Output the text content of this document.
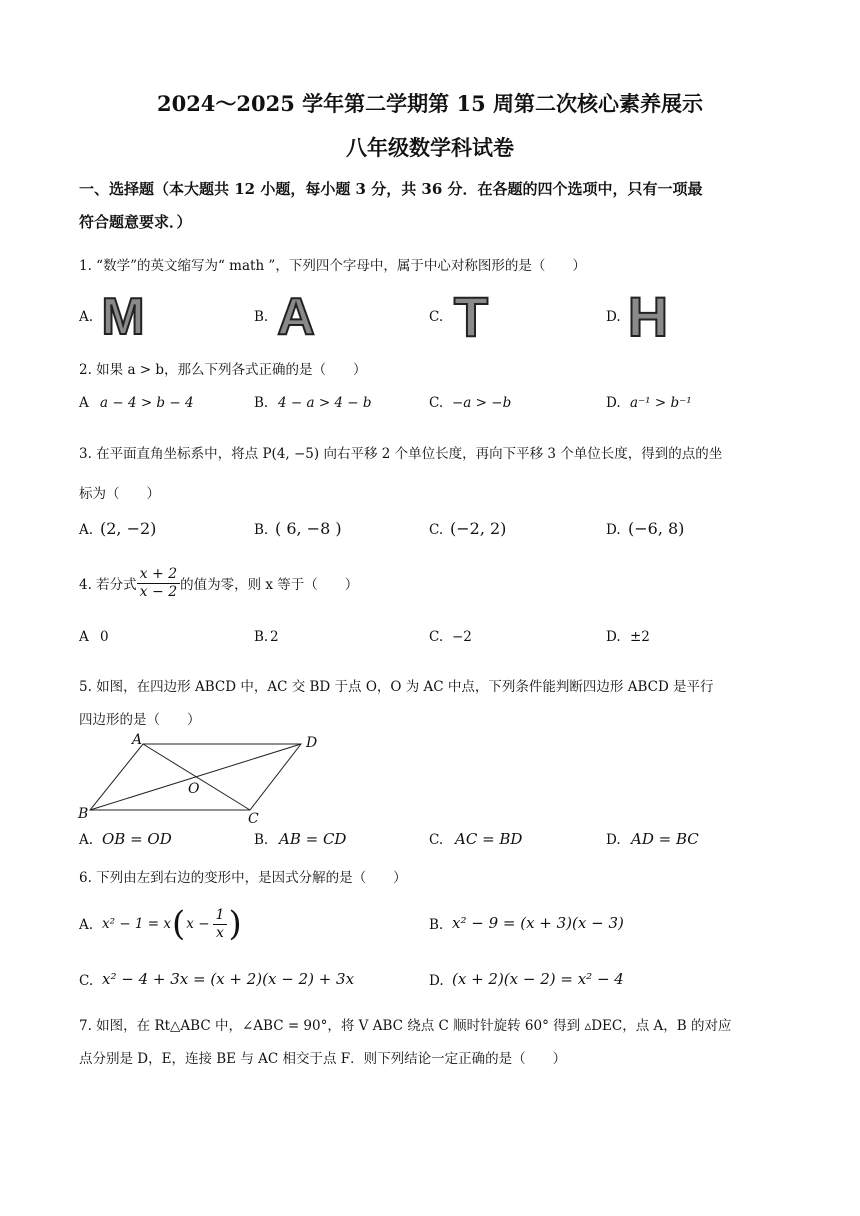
2024～2025 学年第二学期第 15 周第二次核心素养展示
八年级数学科试卷
一、选择题（本大题共 12 小题，每小题 3 分，共 36 分．在各题的四个选项中，只有一项最
符合题意要求．）
1. “数学”的英文缩写为“ math ”，下列四个字母中，属于中心对称图形的是（　　）
A. M	B. A	C. T	D. H
2. 如果 a > b，那么下列各式正确的是（　　）
A a − 4 > b − 4	B. 4 − a > 4 − b	C. −a > −b	D. a⁻¹ > b⁻¹
3. 在平面直角坐标系中，将点 P(4, −5) 向右平移 2 个单位长度，再向下平移 3 个单位长度，得到的点的坐
标为（　　）
A. (2, −2)	B. ( 6, −8 )	C. (−2, 2)	D. (−6, 8)
4. 若分式 $\frac{x + 2}{x - 2}$ 的值为零，则 x 等于（　　）
A 0	B. 2	C. −2	D. ±2
5. 如图，在四边形 ABCD 中，AC 交 BD 于点 O，O 为 AC 中点，下列条件能判断四边形 ABCD 是平行
四边形的是（　　）
A	D
B	C
O
A. OB = OD	B. AB = CD	C. AC = BD	D. AD = BC
6. 下列由左到右边的变形中，是因式分解的是（　　）
A. x² − 1 = x ( $x - \frac{1}{x}$ )	B. x² − 9 = (x + 3)(x − 3)
C. x² − 4 + 3x = (x + 2)(x − 2) + 3x	D. (x + 2)(x − 2) = x² − 4
7. 如图，在 Rt△ABC 中，∠ABC = 90°，将 V ABC 绕点 C 顺时针旋转 60° 得到 ▵DEC，点 A，B 的对应
点分别是 D，E，连接 BE 与 AC 相交于点 F．则下列结论一定正确的是（　　）
